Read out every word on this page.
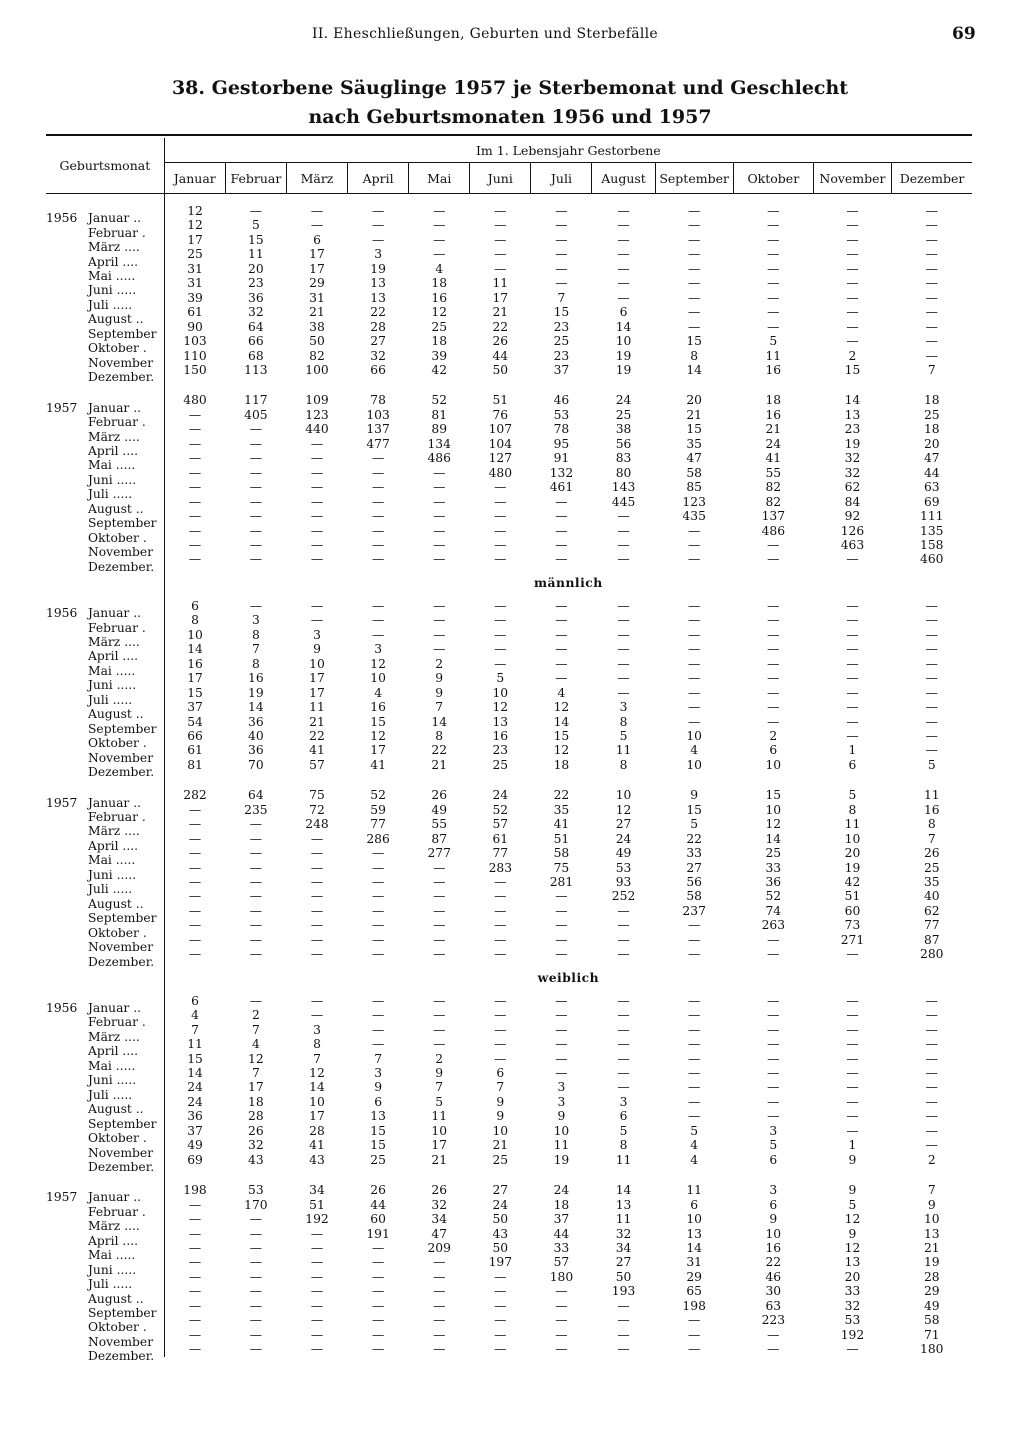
II. Eheschließungen, Geburten und Sterbefälle	69
38. Gestorbene Säuglinge 1957 je Sterbemonat und Geschlecht
nach Geburtsmonaten 1956 und 1957
Geburtsmonat	Im 1. Lebensjahr Gestorbene											
	Januar	Februar	März	April	Mai	Juni	Juli	August	September	Oktober	November	Dezember

1956 Januar ..	12	—	—	—	—	—	—	—	—	—	—	—

Februar .	12	5	—	—	—	—	—	—	—	—	—	—

März ....	17	15	6	—	—	—	—	—	—	—	—	—

April ....	25	11	17	3	—	—	—	—	—	—	—	—

Mai .....	31	20	17	19	4	—	—	—	—	—	—	—

Juni .....	31	23	29	13	18	11	—	—	—	—	—	—

Juli .....	39	36	31	13	16	17	7	—	—	—	—	—

August ..	61	32	21	22	12	21	15	6	—	—	—	—

September	90	64	38	28	25	22	23	14	—	—	—	—

Oktober .	103	66	50	27	18	26	25	10	15	5	—	—

November	110	68	82	32	39	44	23	19	8	11	2	—

Dezember.	150	113	100	66	42	50	37	19	14	16	15	7

1957 Januar ..	480	117	109	78	52	51	46	24	20	18	14	18

Februar .	—	405	123	103	81	76	53	25	21	16	13	25

März ....	—	—	440	137	89	107	78	38	15	21	23	18

April ....	—	—	—	477	134	104	95	56	35	24	19	20

Mai .....	—	—	—	—	486	127	91	83	47	41	32	47

Juni .....	—	—	—	—	—	480	132	80	58	55	32	44

Juli .....	—	—	—	—	—	—	461	143	85	82	62	63

August ..	—	—	—	—	—	—	—	445	123	82	84	69

September	—	—	—	—	—	—	—	—	435	137	92	111

Oktober .	—	—	—	—	—	—	—	—	—	486	126	135

November	—	—	—	—	—	—	—	—	—	—	463	158

Dezember.	—	—	—	—	—	—	—	—	—	—	—	460
	männlich											

1956 Januar ..	6	—	—	—	—	—	—	—	—	—	—	—

Februar .	8	3	—	—	—	—	—	—	—	—	—	—

März ....	10	8	3	—	—	—	—	—	—	—	—	—

April ....	14	7	9	3	—	—	—	—	—	—	—	—

Mai .....	16	8	10	12	2	—	—	—	—	—	—	—

Juni .....	17	16	17	10	9	5	—	—	—	—	—	—

Juli .....	15	19	17	4	9	10	4	—	—	—	—	—

August ..	37	14	11	16	7	12	12	3	—	—	—	—

September	54	36	21	15	14	13	14	8	—	—	—	—

Oktober .	66	40	22	12	8	16	15	5	10	2	—	—

November	61	36	41	17	22	23	12	11	4	6	1	—

Dezember.	81	70	57	41	21	25	18	8	10	10	6	5

1957 Januar ..	282	64	75	52	26	24	22	10	9	15	5	11

Februar .	—	235	72	59	49	52	35	12	15	10	8	16

März ....	—	—	248	77	55	57	41	27	5	12	11	8

April ....	—	—	—	286	87	61	51	24	22	14	10	7

Mai .....	—	—	—	—	277	77	58	49	33	25	20	26

Juni .....	—	—	—	—	—	283	75	53	27	33	19	25

Juli .....	—	—	—	—	—	—	281	93	56	36	42	35

August ..	—	—	—	—	—	—	—	252	58	52	51	40

September	—	—	—	—	—	—	—	—	237	74	60	62

Oktober .	—	—	—	—	—	—	—	—	—	263	73	77

November	—	—	—	—	—	—	—	—	—	—	271	87

Dezember.	—	—	—	—	—	—	—	—	—	—	—	280
	weiblich											

1956 Januar ..	6	—	—	—	—	—	—	—	—	—	—	—

Februar .	4	2	—	—	—	—	—	—	—	—	—	—

März ....	7	7	3	—	—	—	—	—	—	—	—	—

April ....	11	4	8	—	—	—	—	—	—	—	—	—

Mai .....	15	12	7	7	2	—	—	—	—	—	—	—

Juni .....	14	7	12	3	9	6	—	—	—	—	—	—

Juli .....	24	17	14	9	7	7	3	—	—	—	—	—

August ..	24	18	10	6	5	9	3	3	—	—	—	—

September	36	28	17	13	11	9	9	6	—	—	—	—

Oktober .	37	26	28	15	10	10	10	5	5	3	—	—

November	49	32	41	15	17	21	11	8	4	5	1	—

Dezember.	69	43	43	25	21	25	19	11	4	6	9	2

1957 Januar ..	198	53	34	26	26	27	24	14	11	3	9	7

Februar .	—	170	51	44	32	24	18	13	6	6	5	9

März ....	—	—	192	60	34	50	37	11	10	9	12	10

April ....	—	—	—	191	47	43	44	32	13	10	9	13

Mai .....	—	—	—	—	209	50	33	34	14	16	12	21

Juni .....	—	—	—	—	—	197	57	27	31	22	13	19

Juli .....	—	—	—	—	—	—	180	50	29	46	20	28

August ..	—	—	—	—	—	—	—	193	65	30	33	29

September	—	—	—	—	—	—	—	—	198	63	32	49

Oktober .	—	—	—	—	—	—	—	—	—	223	53	58

November	—	—	—	—	—	—	—	—	—	—	192	71

Dezember.	—	—	—	—	—	—	—	—	—	—	—	180
